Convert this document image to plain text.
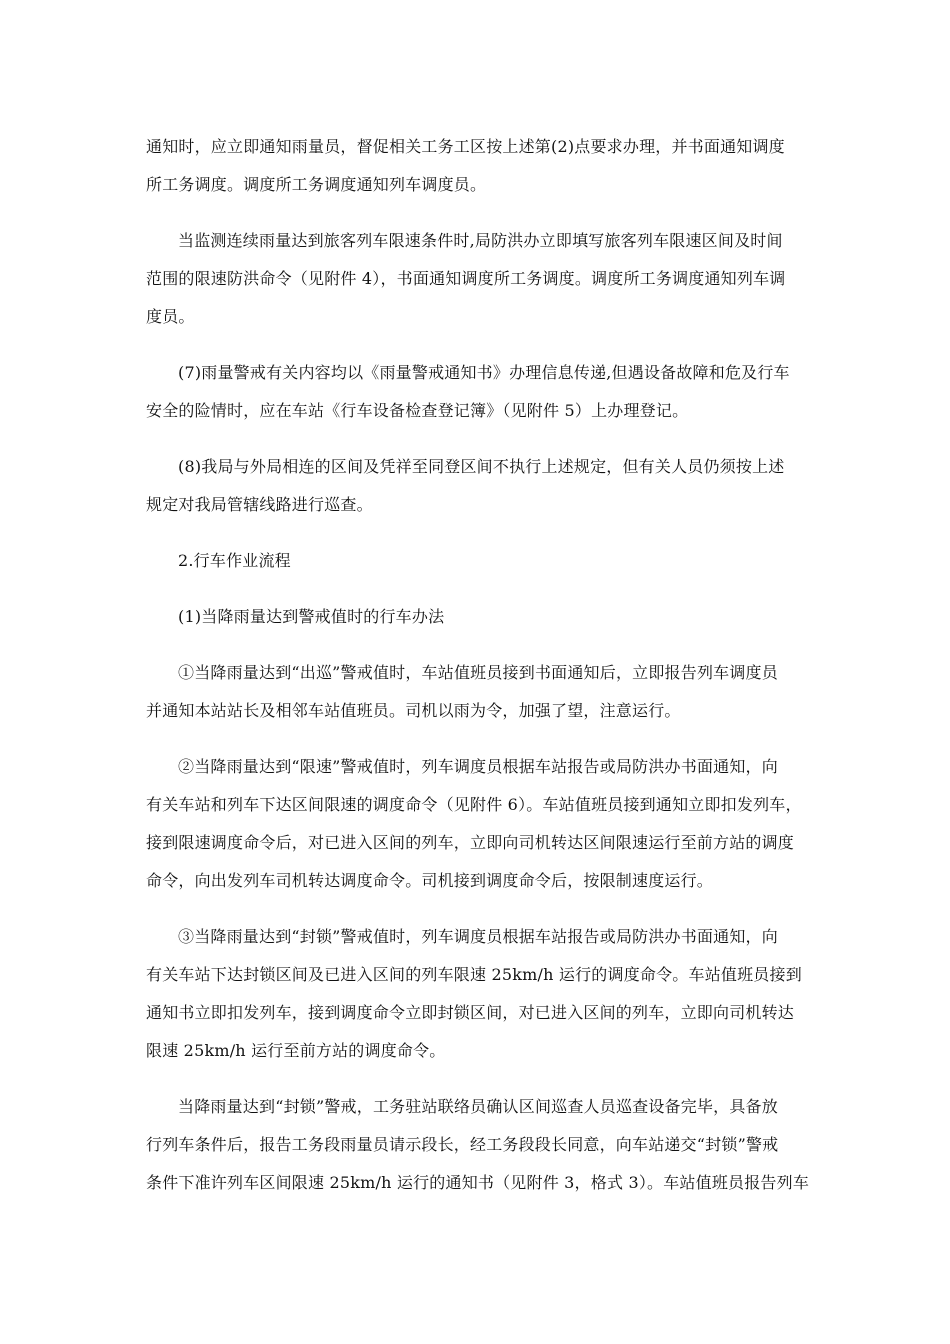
通知时，应立即通知雨量员，督促相关工务工区按上述第(2)点要求办理，并书面通知调度
所工务调度。调度所工务调度通知列车调度员。

当监测连续雨量达到旅客列车限速条件时,局防洪办立即填写旅客列车限速区间及时间
范围的限速防洪命令（见附件 4），书面通知调度所工务调度。调度所工务调度通知列车调
度员。

(7)雨量警戒有关内容均以《雨量警戒通知书》办理信息传递,但遇设备故障和危及行车
安全的险情时，应在车站《行车设备检查登记簿》（见附件 5）上办理登记。

(8)我局与外局相连的区间及凭祥至同登区间不执行上述规定，但有关人员仍须按上述
规定对我局管辖线路进行巡查。

2.行车作业流程

(1)当降雨量达到警戒值时的行车办法

①当降雨量达到“出巡”警戒值时，车站值班员接到书面通知后，立即报告列车调度员
并通知本站站长及相邻车站值班员。司机以雨为令，加强了望，注意运行。

②当降雨量达到“限速”警戒值时，列车调度员根据车站报告或局防洪办书面通知，向
有关车站和列车下达区间限速的调度命令（见附件 6）。车站值班员接到通知立即扣发列车，
接到限速调度命令后，对已进入区间的列车，立即向司机转达区间限速运行至前方站的调度
命令，向出发列车司机转达调度命令。司机接到调度命令后，按限制速度运行。

③当降雨量达到“封锁”警戒值时，列车调度员根据车站报告或局防洪办书面通知，向
有关车站下达封锁区间及已进入区间的列车限速 25km/h 运行的调度命令。车站值班员接到
通知书立即扣发列车，接到调度命令立即封锁区间，对已进入区间的列车，立即向司机转达
限速 25km/h 运行至前方站的调度命令。

当降雨量达到“封锁”警戒，工务驻站联络员确认区间巡查人员巡查设备完毕，具备放
行列车条件后，报告工务段雨量员请示段长，经工务段段长同意，向车站递交“封锁”警戒
条件下准许列车区间限速 25km/h 运行的通知书（见附件 3，格式 3）。车站值班员报告列车
